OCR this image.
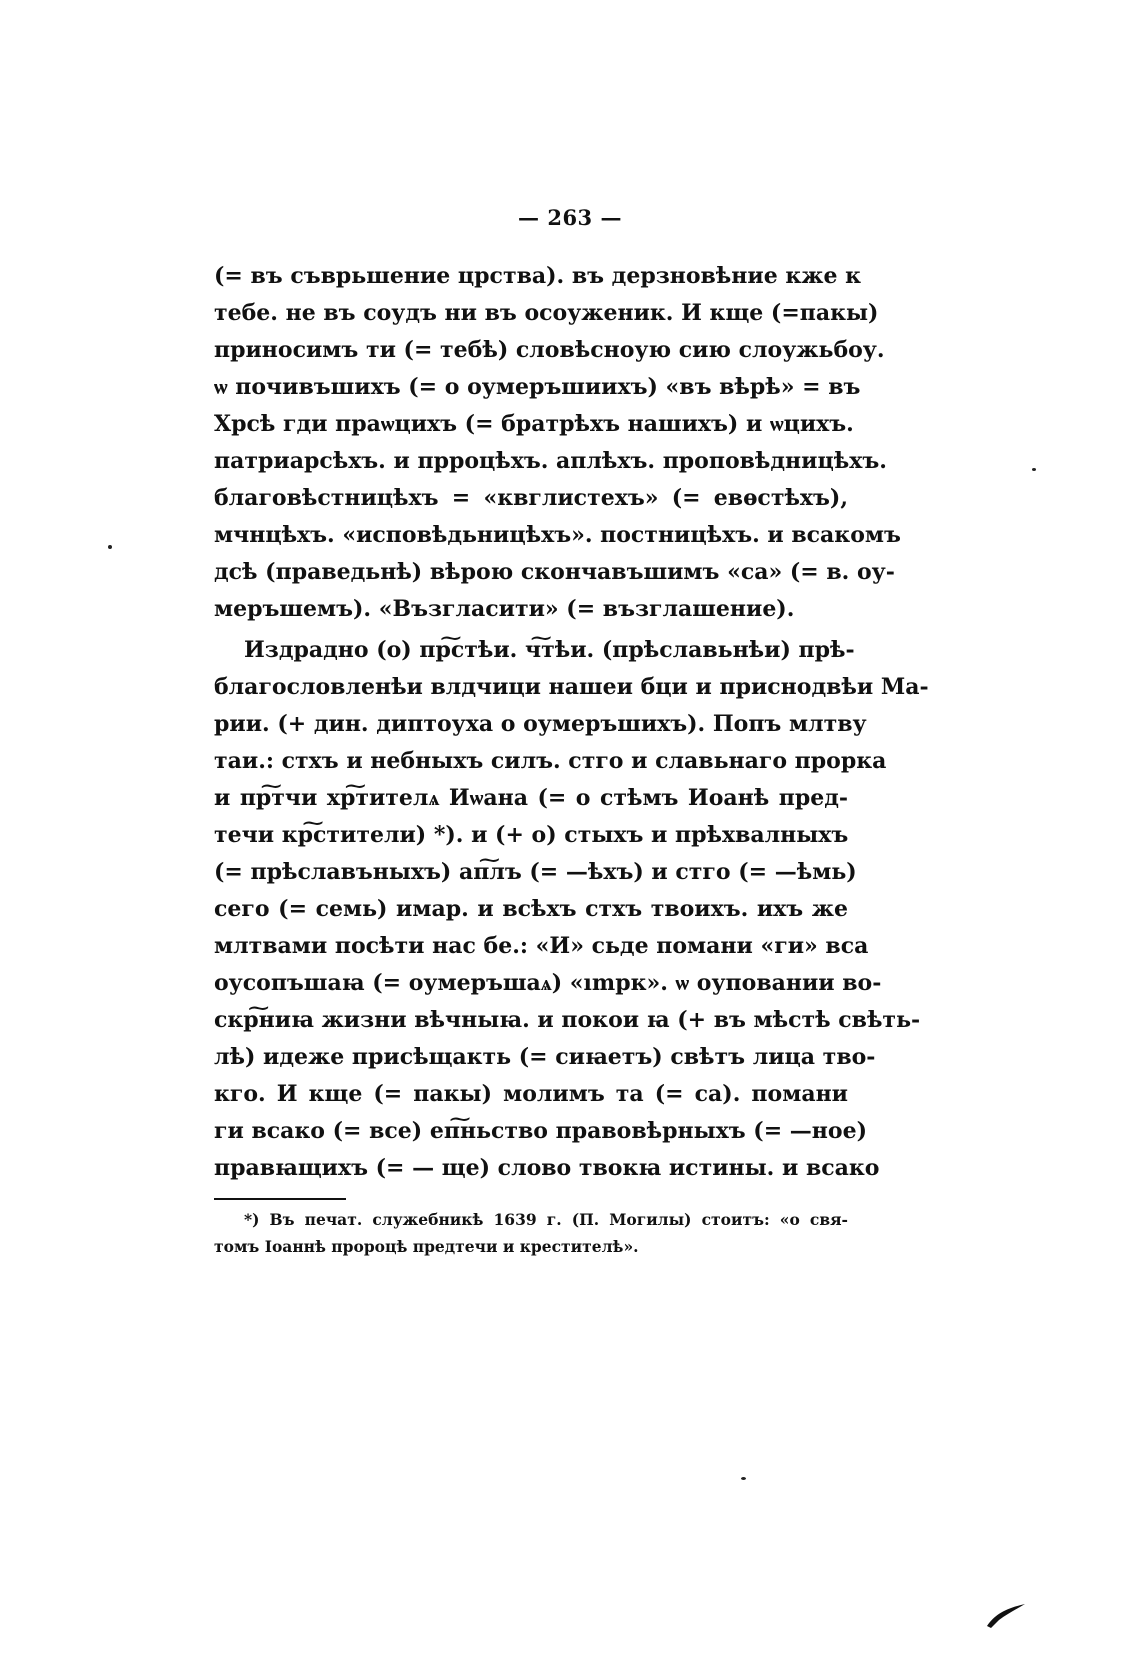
— 263 —
(= въ съврьшение црства). въ дерзновѣние кже к
тебе. не въ соудъ ни въ осоуженик. И кще (=пакы)
приносимъ ти (= тебѣ) словѣсноую сию слоужьбоу.
ѡ почивъшихъ (= о оумеръшиихъ) «въ вѣрѣ» = въ
Хрсѣ гди праѡцихъ (= братрѣхъ нашихъ) и ѡцихъ.
патриарсѣхъ. и прроцѣхъ. аплѣхъ. проповѣдницѣхъ.
благовѣстницѣхъ = «квглистехъ» (= евѳстѣхъ),
мчнцѣхъ. «исповѣдьницѣхъ». постницѣхъ. и всакомъ
дсѣ (праведьнѣ) вѣрою скончавъшимъ «са» (= в. оу-
меръшемъ). «Възгласити» (= възглашение).
Издрадно (о) пр͠стѣи. ч͠тѣи. (прѣславьнѣи) прѣ-
благословленѣи влдчици нашеи бци и приснодвѣи Ма-
рии. (+ дин. диптоуха о оумеръшихъ). Попъ млтву
таи.: стхъ и небныхъ силъ. стго и славьнаго прорка
и пр͠тчи хр͠тителѧ Иѡана (= о стѣмъ Иоанѣ пред-
течи кр͠стители) *). и (+ о) стыхъ и прѣхвалныхъ
(= прѣславъныхъ) ап͠лъ (= —ѣхъ) и стго (= —ѣмь)
сего (= семь) имар. и всѣхъ стхъ твоихъ. ихъ же
млтвами посѣти нас бе.: «И» сьде помани «ги» вса
оусопъшаꙗ (= оумеръшаѧ) «ımрк». ѡ оуповании во-
скр͠ниꙗ жизни вѣчныꙗ. и покои ꙗ (+ въ мѣстѣ свѣть-
лѣ) идеже присѣщакть (= сиꙗетъ) свѣтъ лица тво-
кго. И кще (= пакы) молимъ та (= са). помани
ги всако (= все) еп͠ньство правовѣрныхъ (= —ное)
правꙗщихъ (= — ще) слово твокꙗ истины. и всако
*) Въ печат. служебникѣ 1639 г. (П. Могилы) стоитъ: «о свя-
томъ Іоаннѣ пророцѣ предтечи и крестителѣ».
